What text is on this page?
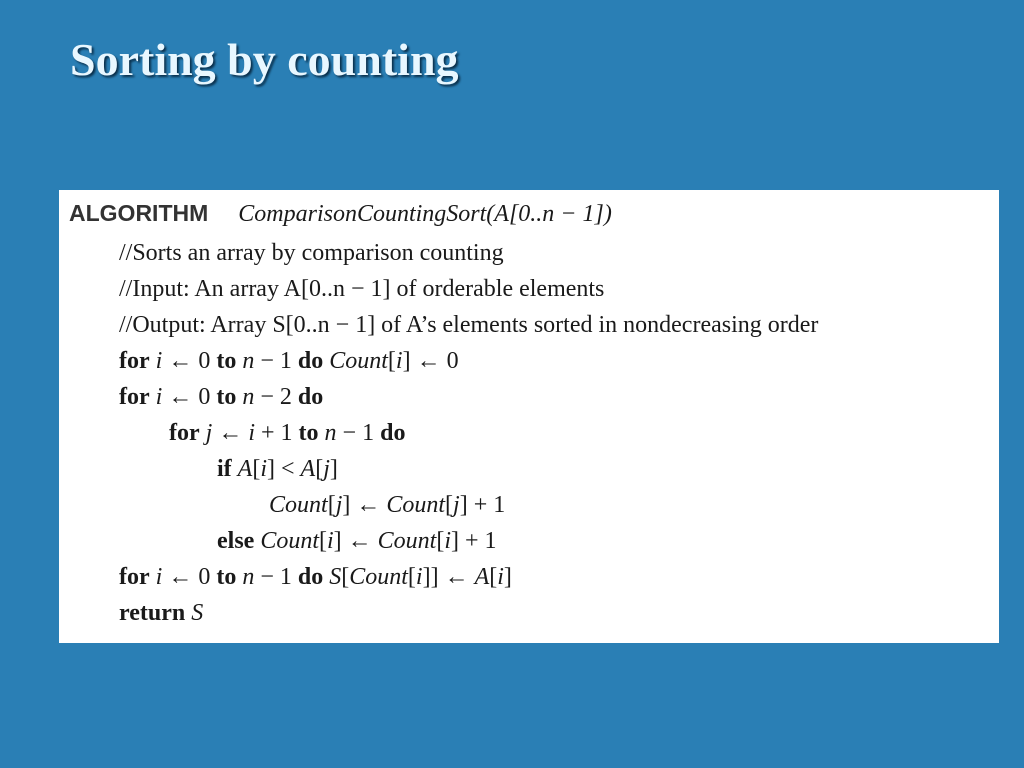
Sorting by counting
ALGORITHM ComparisonCountingSort(A[0..n − 1])
//Sorts an array by comparison counting
//Input: An array A[0..n − 1] of orderable elements
//Output: Array S[0..n − 1] of A’s elements sorted in nondecreasing order
for i ← 0 to n − 1 do Count[i] ← 0
for i ← 0 to n − 2 do
for j ← i + 1 to n − 1 do
if A[i] < A[j]
Count[j] ← Count[j] + 1
else Count[i] ← Count[i] + 1
for i ← 0 to n − 1 do S[Count[i]] ← A[i]
return S
